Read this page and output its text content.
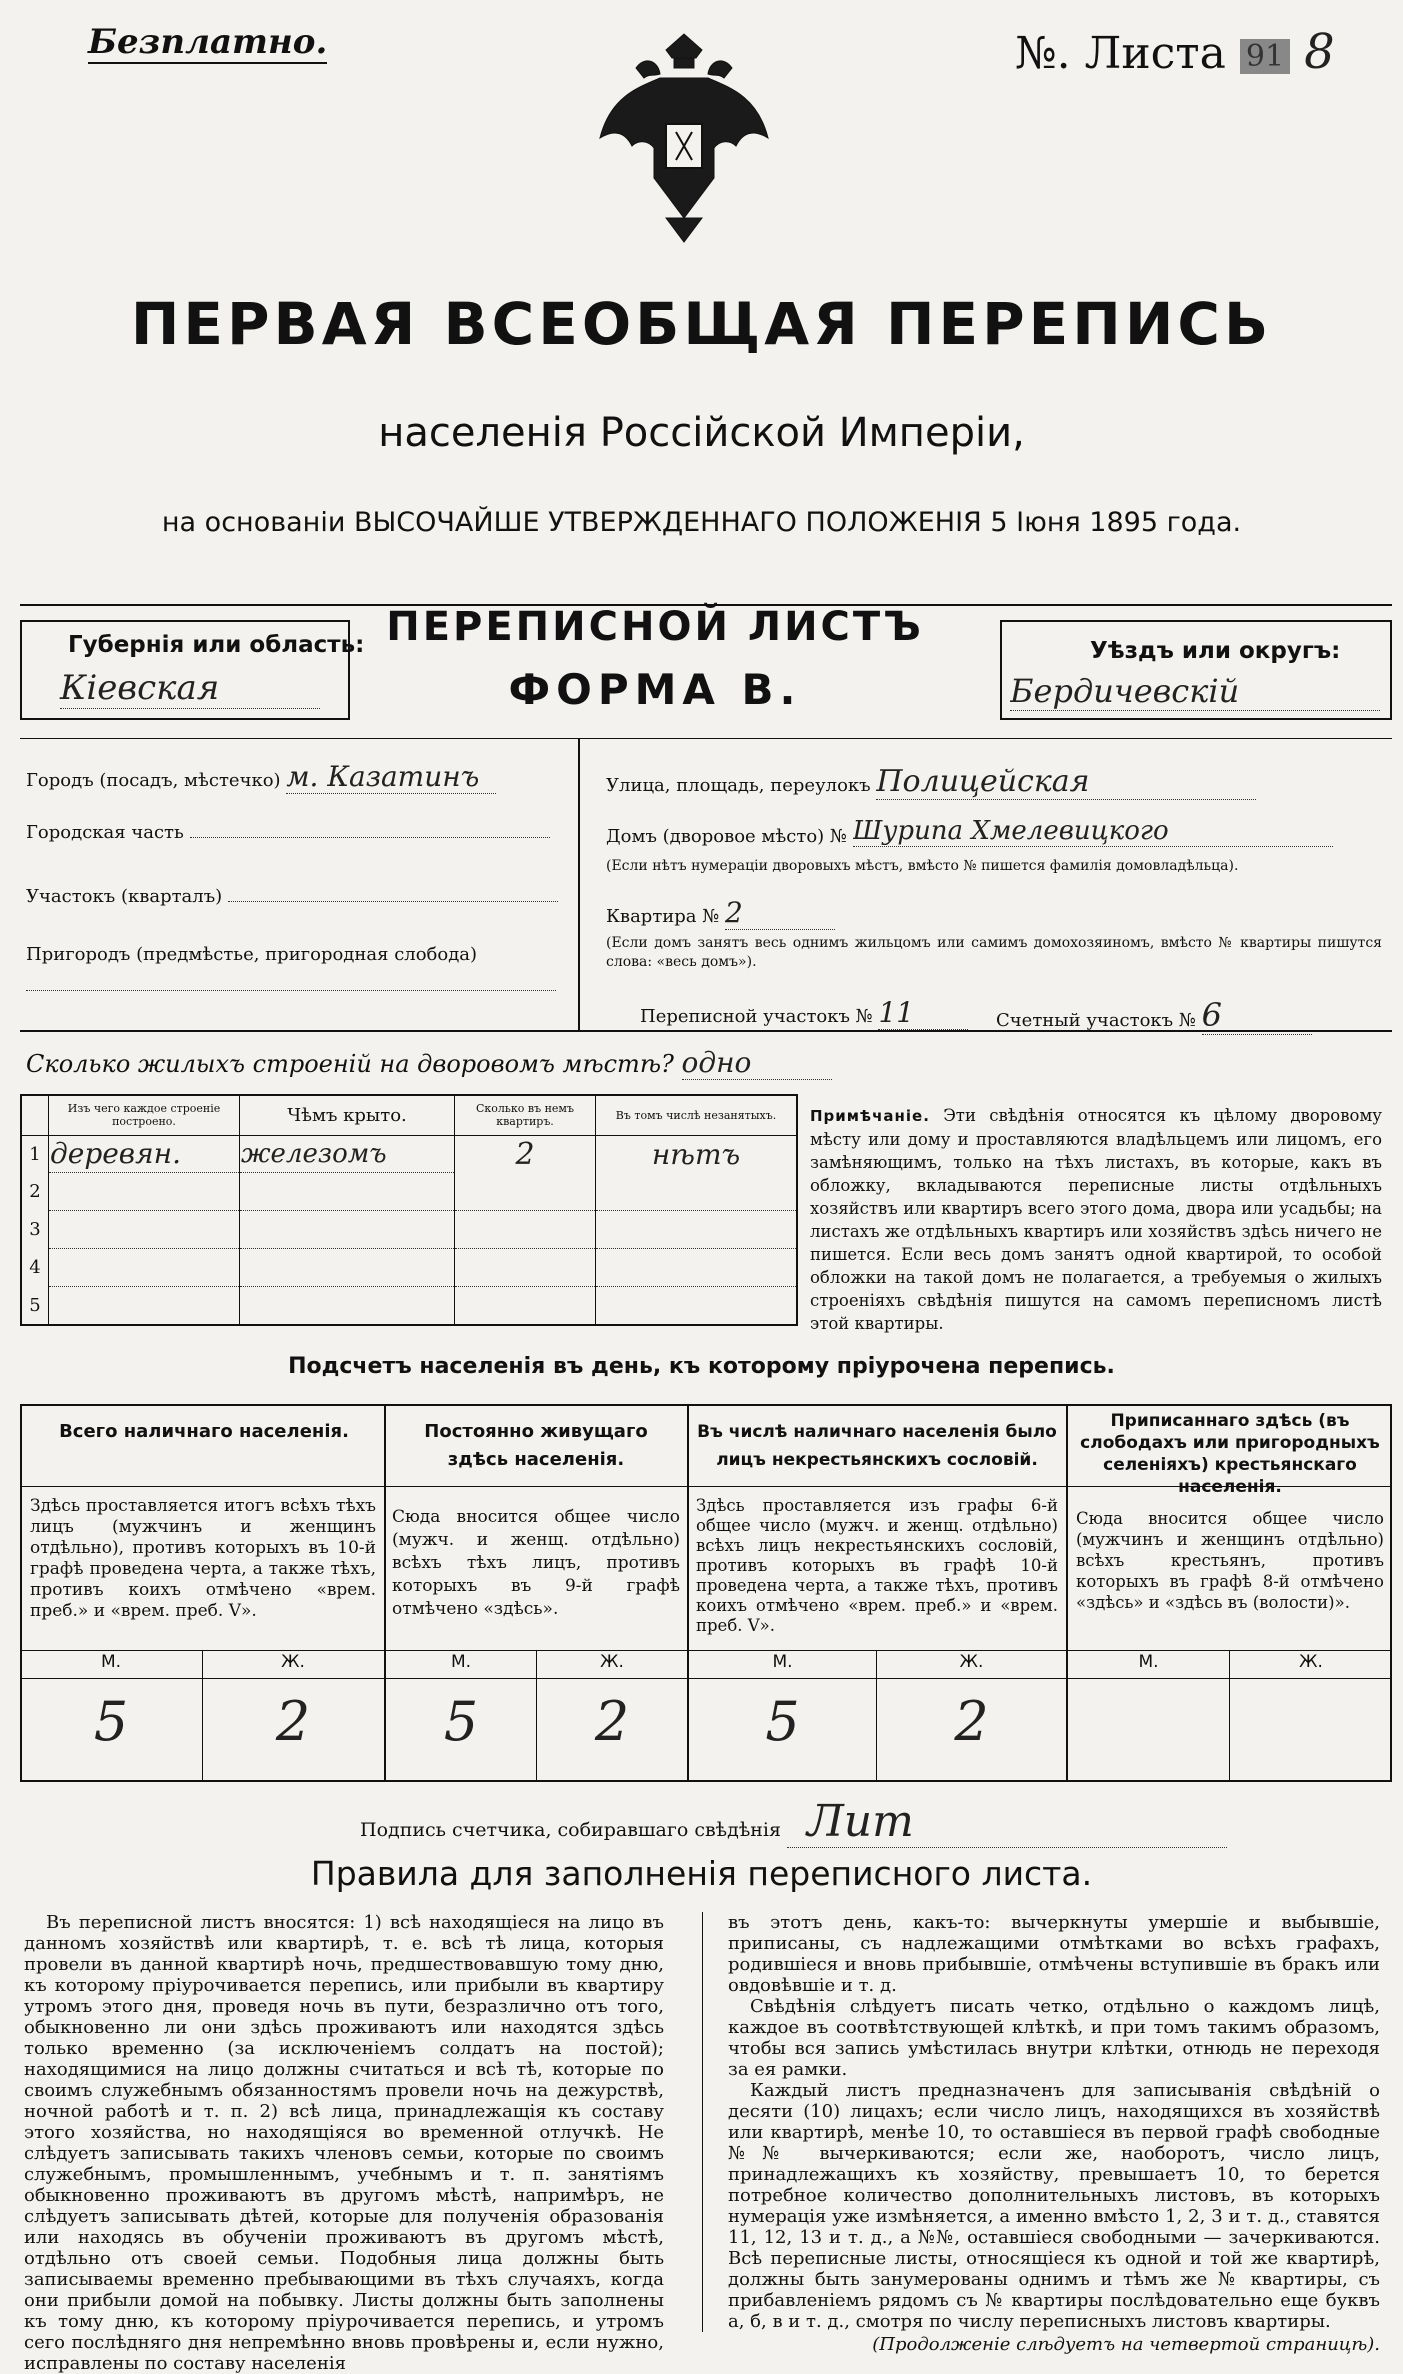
Безплатно.	№. Листа 91 8
ПЕРВАЯ ВСЕОБЩАЯ ПЕРЕПИСЬ
населенія Россійской Имперіи,
на основаніи ВЫСОЧАЙШЕ УТВЕРЖДЕННАГО ПОЛОЖЕНІЯ 5 Іюня 1895 года.
Губернія или область:
Кіевская
ПЕРЕПИСНОЙ ЛИСТЪ
ФОРМА В.
Уѣздъ или округъ:
Бердичевскій
Городъ (посадъ, мѣстечко) м. Казатинъ
Городская часть
Участокъ (кварталъ)
Пригородъ (предмѣстье, пригородная слобода)
Улица, площадь, переулокъ Полицейская
Домъ (дворовое мѣсто) № Шурипа Хмелевицкого
(Если нѣтъ нумераціи дворовыхъ мѣстъ, вмѣсто № пишется фамилія домовладѣльца).
Квартира № 2
(Если домъ занятъ весь однимъ жильцомъ или самимъ домохозяиномъ, вмѣсто № квартиры пишутся слова: «весь домъ»).
Переписной участокъ № 11	Счетный участокъ № 6
Сколько жилыхъ строеній на дворовомъ мѣстѣ? одно
	Изъ чего каждое строеніе построено.	Чѣмъ крыто.	Сколько въ немъ квартиръ.	Въ томъ числѣ незанятыхъ.
1	деревян.	железомъ	2	нѣтъ
2				
3				
4				
5				
Примѣчаніе. Эти свѣдѣнія относятся къ цѣлому дворовому мѣсту или дому и проставляются владѣльцемъ или лицомъ, его замѣняющимъ, только на тѣхъ листахъ, въ которые, какъ въ обложку, вкладываются переписные листы отдѣльныхъ хозяйствъ или квартиръ всего этого дома, двора или усадьбы; на листахъ же отдѣльныхъ квартиръ или хозяйствъ здѣсь ничего не пишется. Если весь домъ занятъ одной квартирой, то особой обложки на такой домъ не полагается, а требуемыя о жилыхъ строеніяхъ свѣдѣнія пишутся на самомъ переписномъ листѣ этой квартиры.
Подсчетъ населенія въ день, къ которому пріурочена перепись.
Всего наличнаго населенія.
Здѣсь проставляется итогъ всѣхъ тѣхъ лицъ (мужчинъ и женщинъ отдѣльно), противъ которыхъ въ 10-й графѣ проведена черта, а также тѣхъ, противъ коихъ отмѣчено «врем. преб.» и «врем. преб. V».
М.	Ж.
5	2
Постоянно живущаго здѣсь населенія.
Сюда вносится общее число (мужч. и женщ. отдѣльно) всѣхъ тѣхъ лицъ, противъ которыхъ въ 9-й графѣ отмѣчено «здѣсь».
М.	Ж.
5	2
Въ числѣ наличнаго населенія было лицъ некрестьянскихъ сословій.
Здѣсь проставляется изъ графы 6-й общее число (мужч. и женщ. отдѣльно) всѣхъ лицъ некрестьянскихъ сословій, противъ которыхъ въ графѣ 10-й проведена черта, а также тѣхъ, противъ коихъ отмѣчено «врем. преб.» и «врем. преб. V».
М.	Ж.
5	2
Приписаннаго здѣсь (въ слободахъ или пригородныхъ селеніяхъ) крестьянскаго населенія.
Сюда вносится общее число (мужчинъ и женщинъ отдѣльно) всѣхъ крестьянъ, противъ которыхъ въ графѣ 8-й отмѣчено «здѣсь» и «здѣсь въ (волости)».
М.	Ж.
Подпись счетчика, собиравшаго свѣдѣнія Лит
Правила для заполненія переписного листа.
Въ переписной листъ вносятся: 1) всѣ находящіеся на лицо въ данномъ хозяйствѣ или квартирѣ, т. е. всѣ тѣ лица, которыя провели въ данной квартирѣ ночь, предшествовавшую тому дню, къ которому пріурочивается перепись, или прибыли въ квартиру утромъ этого дня, проведя ночь въ пути, безразлично отъ того, обыкновенно ли они здѣсь проживаютъ или находятся здѣсь только временно (за исключеніемъ солдатъ на постой); находящимися на лицо должны считаться и всѣ тѣ, которые по своимъ служебнымъ обязанностямъ провели ночь на дежурствѣ, ночной работѣ и т. п. 2) всѣ лица, принадлежащія къ составу этого хозяйства, но находящіяся во временной отлучкѣ. Не слѣдуетъ записывать такихъ членовъ семьи, которые по своимъ служебнымъ, промышленнымъ, учебнымъ и т. п. занятіямъ обыкновенно проживаютъ въ другомъ мѣстѣ, напримѣръ, не слѣдуетъ записывать дѣтей, которые для полученія образованія или находясь въ обученіи проживаютъ въ другомъ мѣстѣ, отдѣльно отъ своей семьи. Подобныя лица должны быть записываемы временно пребывающими въ тѣхъ случаяхъ, когда они прибыли домой на побывку. Листы должны быть заполнены къ тому дню, къ которому пріурочивается перепись, и утромъ сего послѣдняго дня непремѣнно вновь провѣрены и, если нужно, исправлены по составу населенія
въ этотъ день, какъ-то: вычеркнуты умершіе и выбывшіе, приписаны, съ надлежащими отмѣтками во всѣхъ графахъ, родившіеся и вновь прибывшіе, отмѣчены вступившіе въ бракъ или овдовѣвшіе и т. д.
Свѣдѣнія слѣдуетъ писать четко, отдѣльно о каждомъ лицѣ, каждое въ соотвѣтствующей клѣткѣ, и при томъ такимъ образомъ, чтобы вся запись умѣстилась внутри клѣтки, отнюдь не переходя за ея рамки.
Каждый листъ предназначенъ для записыванія свѣдѣній о десяти (10) лицахъ; если число лицъ, находящихся въ хозяйствѣ или квартирѣ, менѣе 10, то оставшіеся въ первой графѣ свободные №№ вычеркиваются; если же, наоборотъ, число лицъ, принадлежащихъ къ хозяйству, превышаетъ 10, то берется потребное количество дополнительныхъ листовъ, въ которыхъ нумерація уже измѣняется, а именно вмѣсто 1, 2, 3 и т. д., ставятся 11, 12, 13 и т. д., а №№, оставшіеся свободными — зачеркиваются. Всѣ переписные листы, относящіеся къ одной и той же квартирѣ, должны быть занумерованы однимъ и тѣмъ же № квартиры, съ прибавленіемъ рядомъ съ № квартиры послѣдовательно еще буквъ а, б, в и т. д., смотря по числу переписныхъ листовъ квартиры.
(Продолженіе слѣдуетъ на четвертой страницѣ).
